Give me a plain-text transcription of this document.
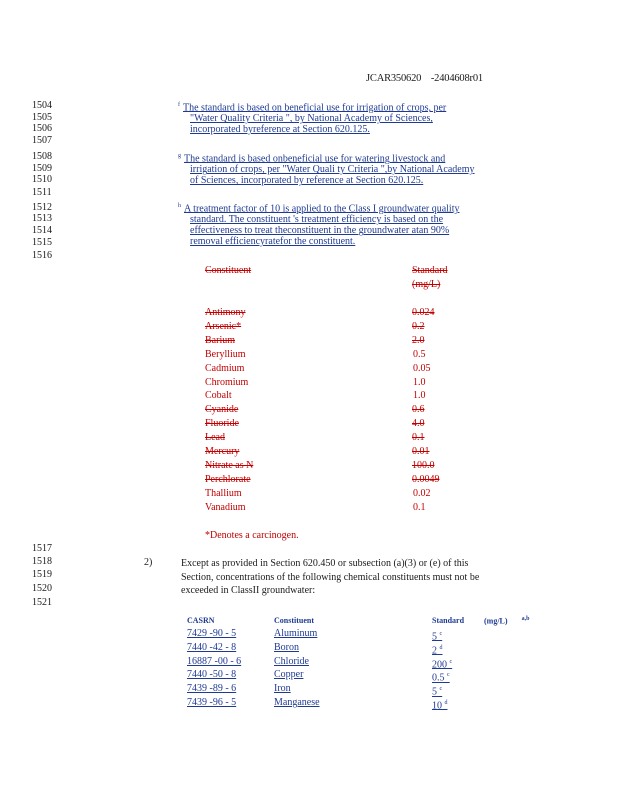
JCAR350620 -2404608r01
1504
1505
1506
1507
1508
1509
1510
1511
1512
1513
1514
1515
1516
1517
1518
1519
1520
1521
$^f$ The standard is based on beneficial use for irrigation of crops, per
"Water Quality Criteria ", by National Academy of Sciences,
incorporated byreference at Section 620.125.
$^g$ The standard is based onbeneficial use for watering livestock and
irrigation of crops, per "Water Quali ty Criteria ",by National Academy
of Sciences, incorporated by reference at Section 620.125.
$^h$ A treatment factor of 10 is applied to the Class I groundwater quality
standard. The constituent 's treatment efficiency is based on the
effectiveness to treat theconstituent in the groundwater atan 90%
removal efficiencyratefor the constituent.
Constituent	Standard
(mg/L)
Antimony	0.024
Arsenic*	0.2
Barium	2.0
Beryllium	0.5
Cadmium	0.05
Chromium	1.0
Cobalt	1.0
Cyanide	0.6
Fluoride	4.0
Lead	0.1
Mercury	0.01
Nitrate as N	100.0
Perchlorate	0.0049
Thallium	0.02
Vanadium	0.1
*Denotes a carcinogen.
2)	Except as provided in Section 620.450 or subsection (a)(3) or (e) of this
Section, concentrations of the following chemical constituents must not be
exceeded in ClassII groundwater:
CASRN	Constituent	Standard (mg/L) $^{a,b}$
7429 -90 - 5	Aluminum	5 $^c$
7440 -42 - 8	Boron	2 $^d$
16887 -00 - 6	Chloride	200 $^c$
7440 -50 - 8	Copper	0.5 $^c$
7439 -89 - 6	Iron	5 $^c$
7439 -96 - 5	Manganese	10 $^d$
